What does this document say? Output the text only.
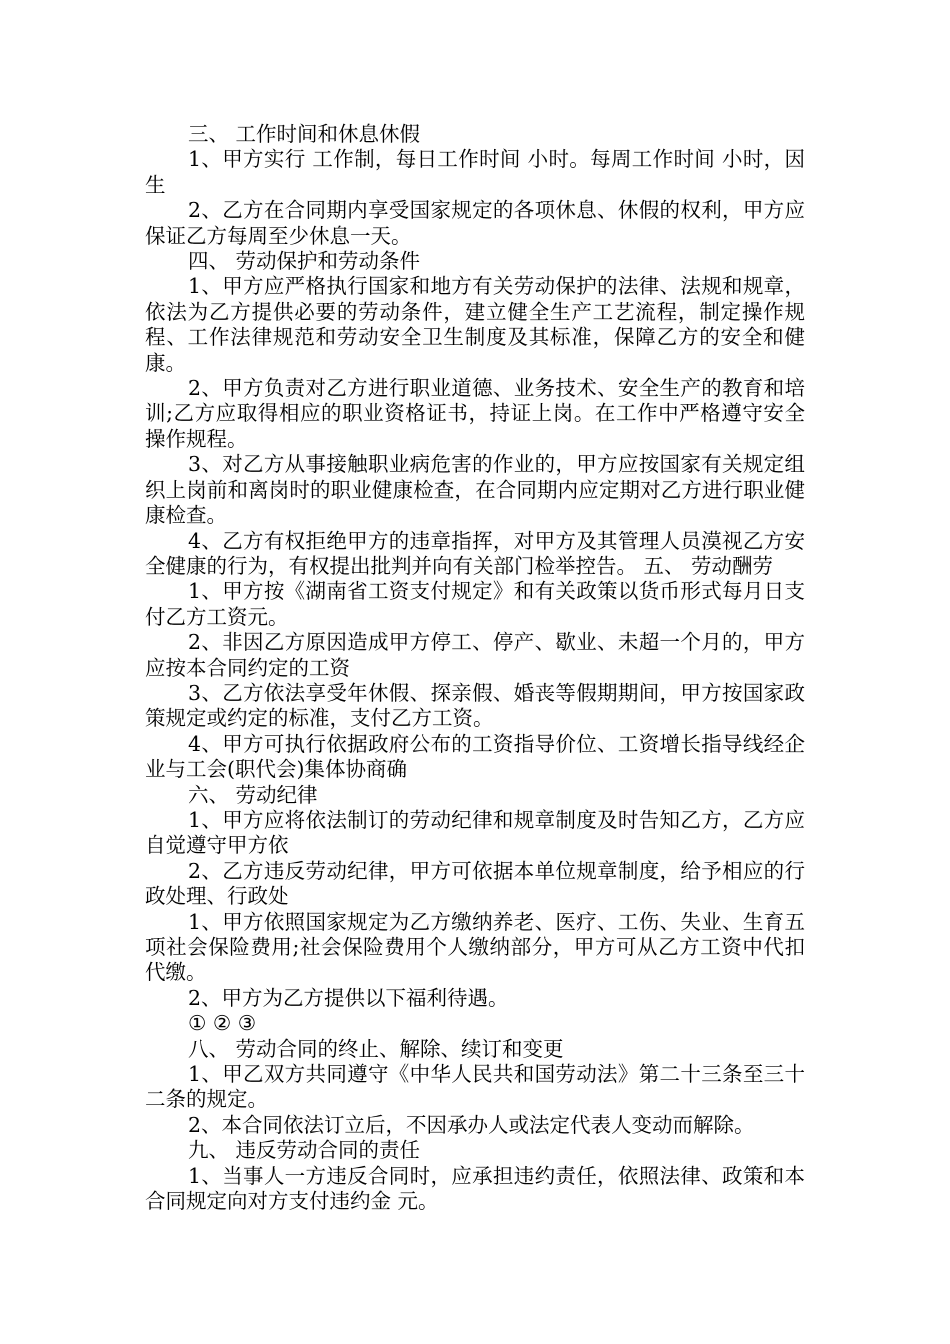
三、 工作时间和休息休假

1、甲方实行 工作制，每日工作时间 小时。每周工作时间 小时，因生

2、乙方在合同期内享受国家规定的各项休息、休假的权利，甲方应保证乙方每周至少休息一天。

四、 劳动保护和劳动条件

1、甲方应严格执行国家和地方有关劳动保护的法律、法规和规章，依法为乙方提供必要的劳动条件，建立健全生产工艺流程，制定操作规程、工作法律规范和劳动安全卫生制度及其标准，保障乙方的安全和健康。

2、甲方负责对乙方进行职业道德、业务技术、安全生产的教育和培训;乙方应取得相应的职业资格证书，持证上岗。在工作中严格遵守安全操作规程。

3、对乙方从事接触职业病危害的作业的，甲方应按国家有关规定组织上岗前和离岗时的职业健康检查，在合同期内应定期对乙方进行职业健康检查。

4、乙方有权拒绝甲方的违章指挥，对甲方及其管理人员漠视乙方安全健康的行为，有权提出批判并向有关部门检举控告。 五、 劳动酬劳

1、甲方按《湖南省工资支付规定》和有关政策以货币形式每月日支付乙方工资元。

2、非因乙方原因造成甲方停工、停产、歇业、未超一个月的，甲方应按本合同约定的工资

3、乙方依法享受年休假、探亲假、婚丧等假期期间，甲方按国家政策规定或约定的标准，支付乙方工资。

4、甲方可执行依据政府公布的工资指导价位、工资增长指导线经企业与工会(职代会)集体协商确

六、 劳动纪律

1、甲方应将依法制订的劳动纪律和规章制度及时告知乙方，乙方应自觉遵守甲方依

2、乙方违反劳动纪律，甲方可依据本单位规章制度，给予相应的行政处理、行政处

1、甲方依照国家规定为乙方缴纳养老、医疗、工伤、失业、生育五项社会保险费用;社会保险费用个人缴纳部分，甲方可从乙方工资中代扣代缴。

2、甲方为乙方提供以下福利待遇。

① ② ③

八、 劳动合同的终止、解除、续订和变更

1、甲乙双方共同遵守《中华人民共和国劳动法》第二十三条至三十二条的规定。

2、本合同依法订立后，不因承办人或法定代表人变动而解除。

九、 违反劳动合同的责任

1、当事人一方违反合同时，应承担违约责任，依照法律、政策和本合同规定向对方支付违约金 元。
